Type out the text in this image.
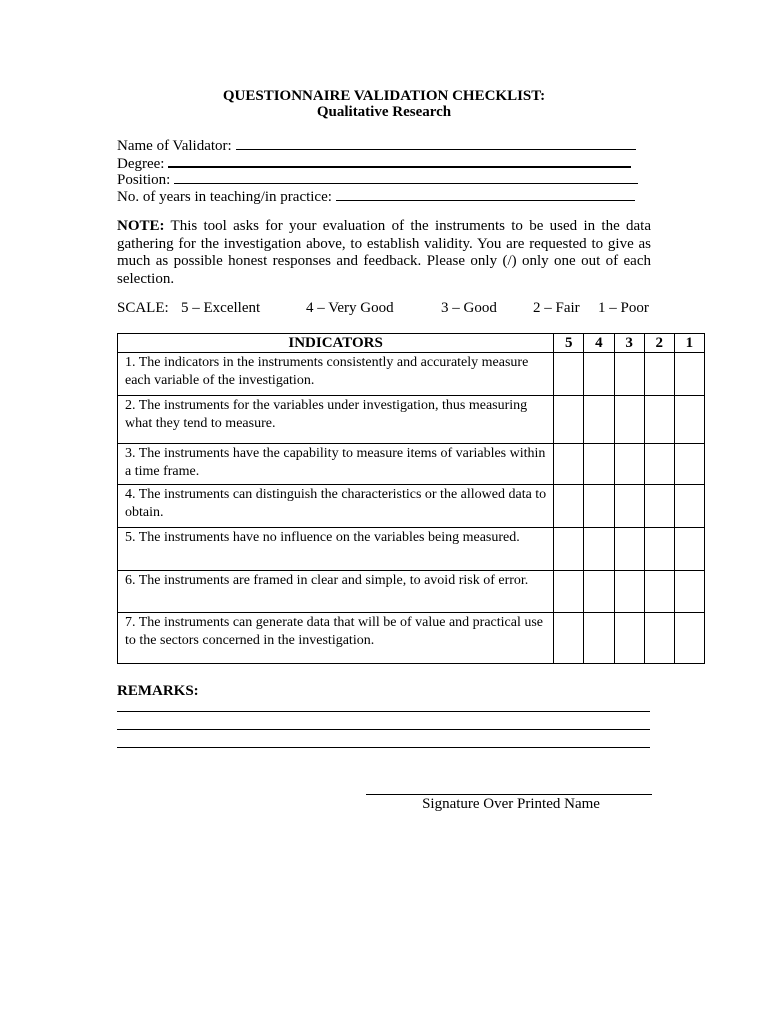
QUESTIONNAIRE VALIDATION CHECKLIST:
Qualitative Research
Name of Validator:
Degree:
Position:
No. of years in teaching/in practice:
NOTE: This tool asks for your evaluation of the instruments to be used in the data gathering for the investigation above, to establish validity. You are requested to give as much as possible honest responses and feedback. Please only (/) only one out of each selection.
SCALE: 5 – Excellent	4 – Very Good	3 – Good 2 – Fair 1 – Poor
INDICATORS	5	4	3	2	1
1. The indicators in the instruments consistently and accurately measure each variable of the investigation.					
2. The instruments for the variables under investigation, thus measuring what they tend to measure.					
3. The instruments have the capability to measure items of variables within a time frame.					
4. The instruments can distinguish the characteristics or the allowed data to obtain.					
5. The instruments have no influence on the variables being measured.					
6. The instruments are framed in clear and simple, to avoid risk of error.					
7. The instruments can generate data that will be of value and practical use to the sectors concerned in the investigation.					
REMARKS:
Signature Over Printed Name
